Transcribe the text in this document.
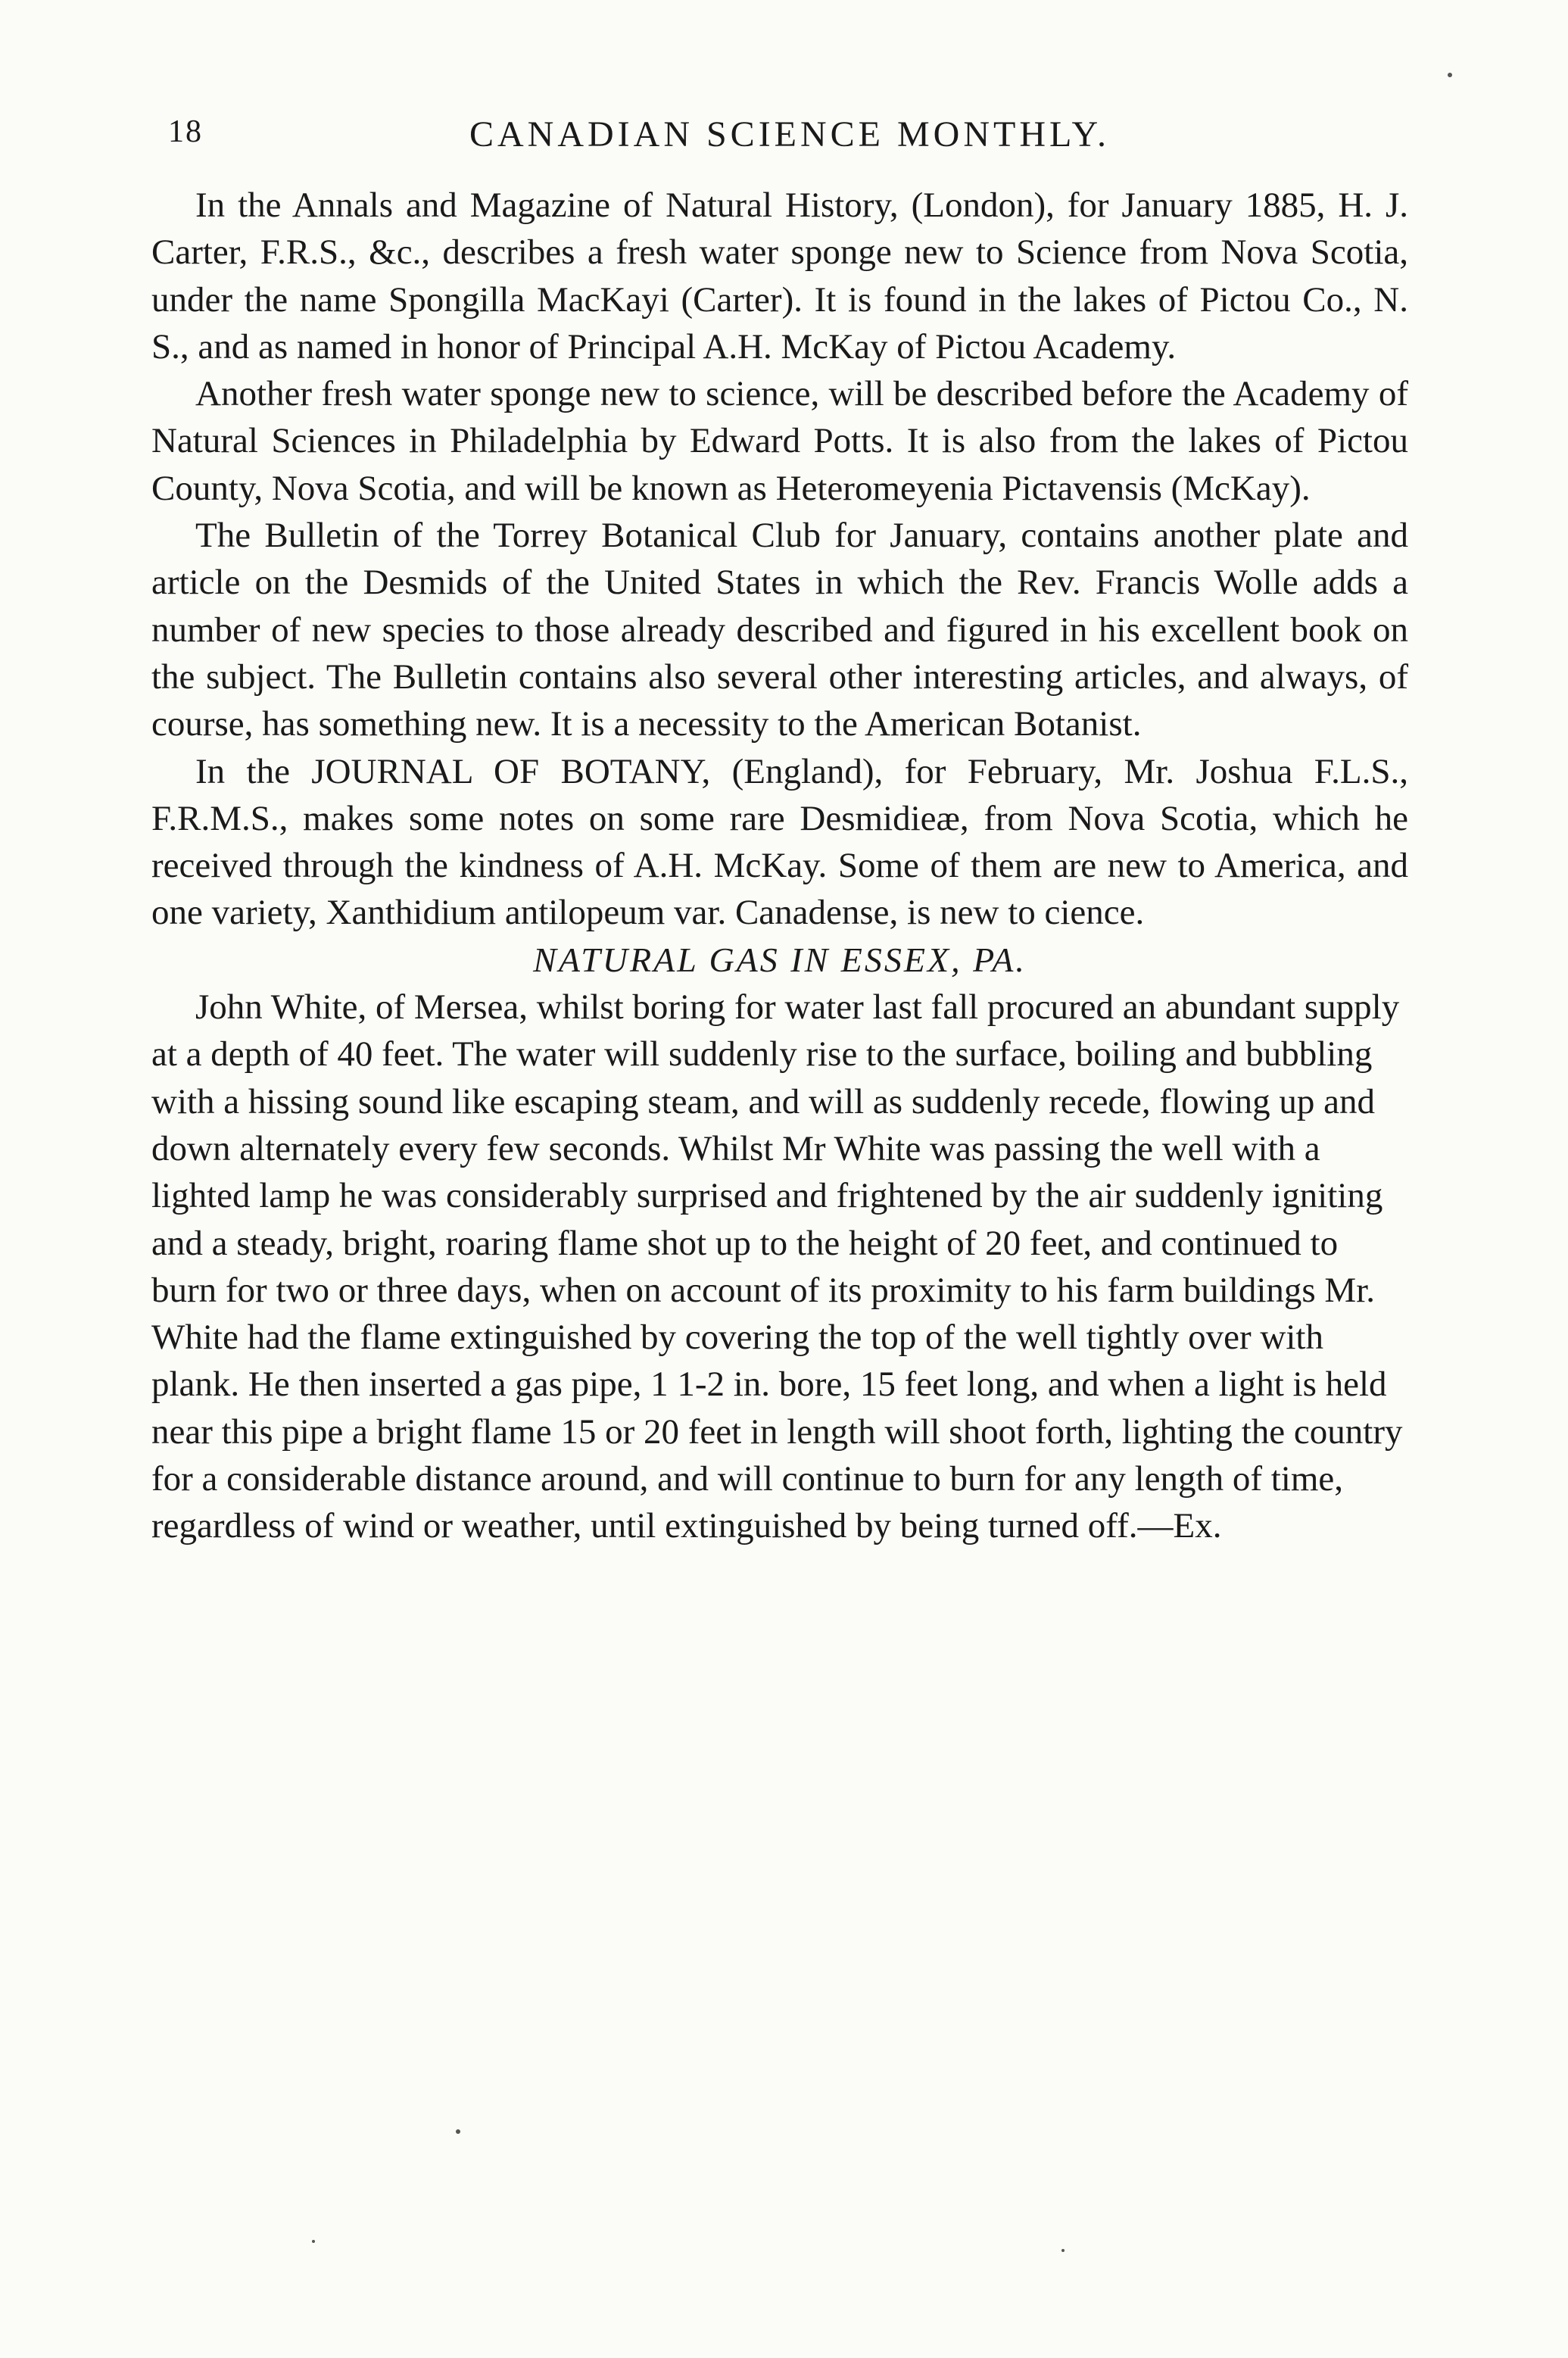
18	CANADIAN SCIENCE MONTHLY.

In the Annals and Magazine of Natural History, (London), for January 1885, H. J. Carter, F.R.S., &c., describes a fresh water sponge new to Science from Nova Scotia, under the name Spongilla MacKayi (Carter). It is found in the lakes of Pictou Co., N. S., and as named in honor of Principal A.H. McKay of Pictou Academy.

Another fresh water sponge new to science, will be described before the Academy of Natural Sciences in Philadelphia by Edward Potts. It is also from the lakes of Pictou County, Nova Scotia, and will be known as Heteromeyenia Pictavensis (McKay).

The Bulletin of the Torrey Botanical Club for January, contains another plate and article on the Desmids of the United States in which the Rev. Francis Wolle adds a number of new species to those already described and figured in his excellent book on the subject. The Bulletin contains also several other interesting articles, and always, of course, has something new. It is a necessity to the American Botanist.

In the JOURNAL OF BOTANY, (England), for February, Mr. Joshua F.L.S., F.R.M.S., makes some notes on some rare Desmidieæ, from Nova Scotia, which he received through the kindness of A.H. McKay. Some of them are new to America, and one variety, Xanthidium antilopeum var. Canadense, is new to cience.

NATURAL GAS IN ESSEX, PA.

John White, of Mersea, whilst boring for water last fall procured an abundant supply at a depth of 40 feet. The water will suddenly rise to the surface, boiling and bubbling with a hissing sound like escaping steam, and will as suddenly recede, flowing up and down alternately every few seconds. Whilst Mr White was passing the well with a lighted lamp he was considerably surprised and frightened by the air suddenly igniting and a steady, bright, roaring flame shot up to the height of 20 feet, and continued to burn for two or three days, when on account of its proximity to his farm buildings Mr. White had the flame extinguished by covering the top of the well tightly over with plank. He then inserted a gas pipe, 1 1-2 in. bore, 15 feet long, and when a light is held near this pipe a bright flame 15 or 20 feet in length will shoot forth, lighting the country for a considerable distance around, and will continue to burn for any length of time, regardless of wind or weather, until extinguished by being turned off.—Ex.
